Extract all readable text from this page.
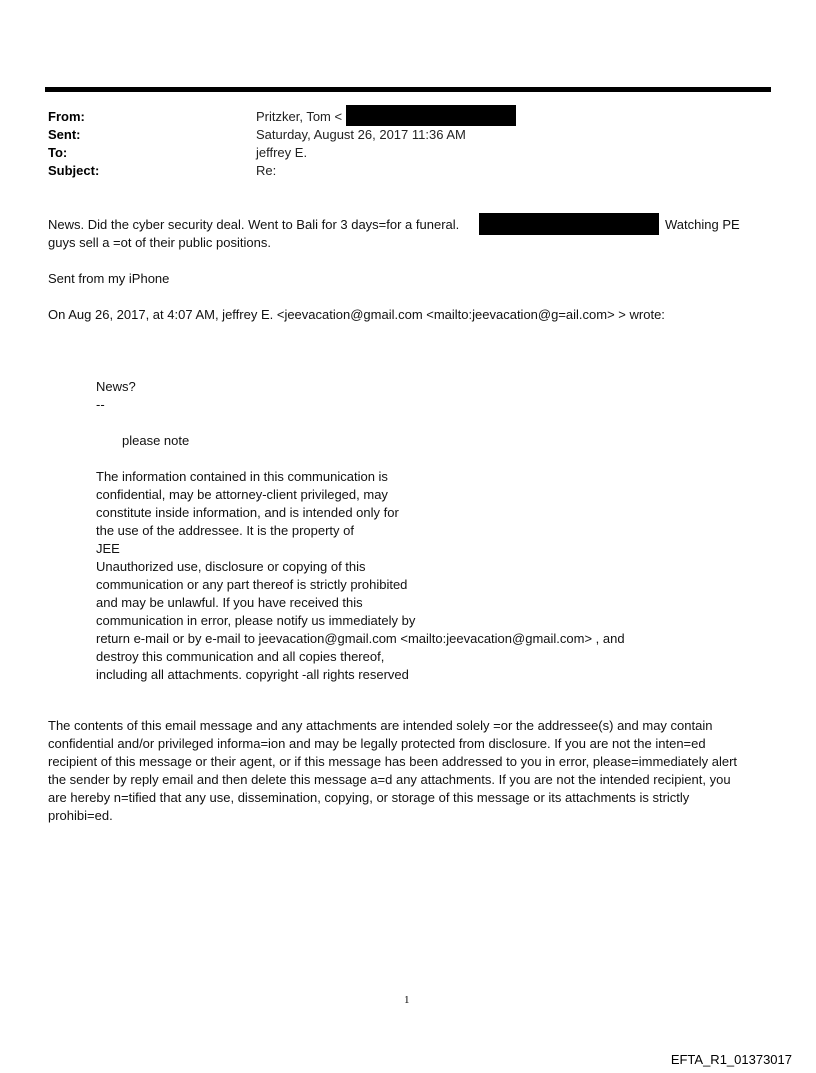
From:	Pritzker, Tom <
Sent:	Saturday, August 26, 2017 11:36 AM
To:	jeffrey E.
Subject:	Re:
News. Did the cyber security deal. Went to Bali for 3 days=for a funeral.	Watching PE
guys sell a =ot of their public positions.
Sent from my iPhone
On Aug 26, 2017, at 4:07 AM, jeffrey E. <jeevacation@gmail.com <mailto:jeevacation@g=ail.com> > wrote:
News?
--
please note
The information contained in this communication is
confidential, may be attorney-client privileged, may
constitute inside information, and is intended only for
the use of the addressee. It is the property of
JEE
Unauthorized use, disclosure or copying of this
communication or any part thereof is strictly prohibited
and may be unlawful. If you have received this
communication in error, please notify us immediately by
return e-mail or by e-mail to jeevacation@gmail.com <mailto:jeevacation@gmail.com> , and
destroy this communication and all copies thereof,
including all attachments. copyright -all rights reserved
The contents of this email message and any attachments are intended solely =or the addressee(s) and may contain
confidential and/or privileged informa=ion and may be legally protected from disclosure. If you are not the inten=ed
recipient of this message or their agent, or if this message has been addressed to you in error, please=immediately alert
the sender by reply email and then delete this message a=d any attachments. If you are not the intended recipient, you
are hereby n=tified that any use, dissemination, copying, or storage of this message or its attachments is strictly
prohibi=ed.
1
EFTA_R1_01373017
